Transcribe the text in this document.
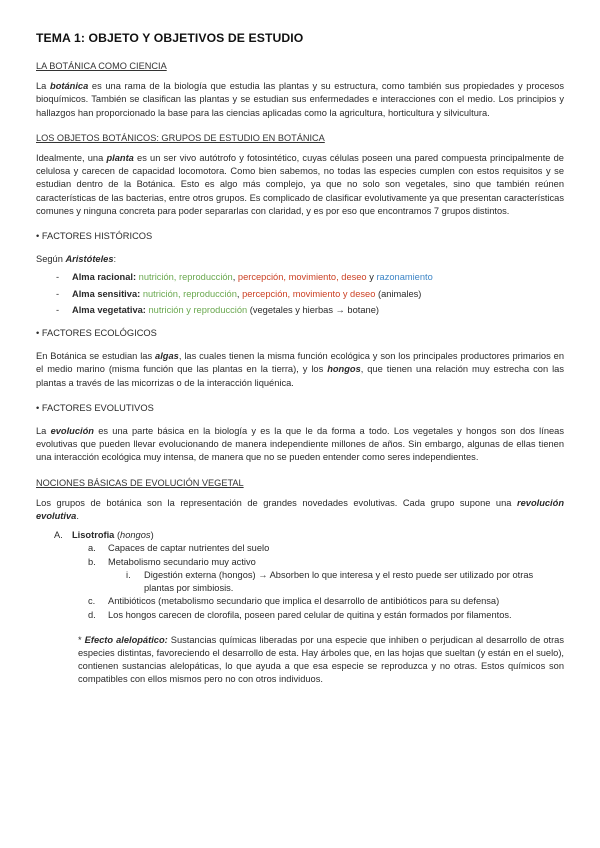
TEMA 1: OBJETO Y OBJETIVOS DE ESTUDIO
LA BOTÁNICA COMO CIENCIA

La botánica es una rama de la biología que estudia las plantas y su estructura, como también sus propiedades y procesos bioquímicos. También se clasifican las plantas y se estudian sus enfermedades e interacciones con el medio. Los principios y hallazgos han proporcionado la base para las ciencias aplicadas como la agricultura, horticultura y silvicultura.

LOS OBJETOS BOTÁNICOS: GRUPOS DE ESTUDIO EN BOTÁNICA

Idealmente, una planta es un ser vivo autótrofo y fotosintético, cuyas células poseen una pared compuesta principalmente de celulosa y carecen de capacidad locomotora. Como bien sabemos, no todas las especies cumplen con estos requisitos y se estudian dentro de la Botánica. Esto es algo más complejo, ya que no solo son vegetales, sino que también reúnen características de las bacterias, entre otros grupos. Es complicado de clasificar evolutivamente ya que presentan características comunes y ninguna concreta para poder separarlas con claridad, y es por eso que encontramos 7 grupos distintos.

• FACTORES HISTÓRICOS

Según Aristóteles:

- Alma racional: nutrición, reproducción, percepción, movimiento, deseo y razonamiento
- Alma sensitiva: nutrición, reproducción, percepción, movimiento y deseo (animales)
- Alma vegetativa: nutrición y reproducción (vegetales y hierbas → botane)
• FACTORES ECOLÓGICOS

En Botánica se estudian las algas, las cuales tienen la misma función ecológica y son los principales productores primarios en el medio marino (misma función que las plantas en la tierra), y los hongos, que tienen una relación muy estrecha con las plantas a través de las micorrizas o de la interacción liquénica.

• FACTORES EVOLUTIVOS

La evolución es una parte básica en la biología y es la que le da forma a todo. Los vegetales y hongos son dos líneas evolutivas que pueden llevar evolucionando de manera independiente millones de años. Sin embargo, algunas de ellas tienen una interacción ecológica muy intensa, de manera que no se pueden entender como seres independientes.

NOCIONES BÁSICAS DE EVOLUCIÓN VEGETAL

Los grupos de botánica son la representación de grandes novedades evolutivas. Cada grupo supone una revolución evolutiva.

A. Lisotrofia (hongos)
a. Capaces de captar nutrientes del suelo
b. Metabolismo secundario muy activo
i. Digestión externa (hongos) → Absorben lo que interesa y el resto puede ser utilizado por otras plantas por simbiosis.
c. Antibióticos (metabolismo secundario que implica el desarrollo de antibióticos para su defensa)
d. Los hongos carecen de clorofila, poseen pared celular de quitina y están formados por filamentos.

* Efecto alelopático: Sustancias químicas liberadas por una especie que inhiben o perjudican al desarrollo de otras especies distintas, favoreciendo el desarrollo de esta. Hay árboles que, en las hojas que sueltan (y están en el suelo), contienen sustancias alelopáticas, lo que ayuda a que esa especie se reproduzca y no otras. Estos químicos son compatibles con ellos mismos pero no con otros individuos.
